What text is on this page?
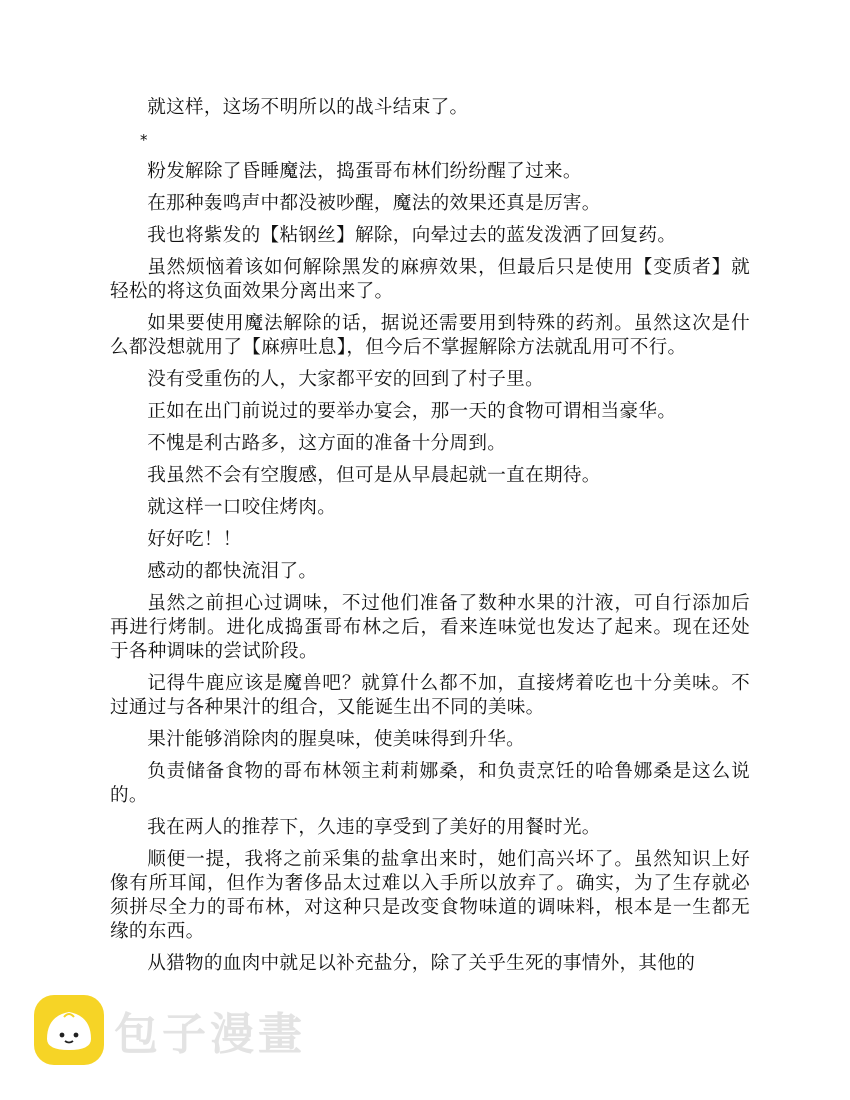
就这样，这场不明所以的战斗结束了。

*

粉发解除了昏睡魔法，捣蛋哥布林们纷纷醒了过来。

在那种轰鸣声中都没被吵醒，魔法的效果还真是厉害。

我也将紫发的【粘钢丝】解除，向晕过去的蓝发泼洒了回复药。

虽然烦恼着该如何解除黑发的麻痹效果，但最后只是使用【变质者】就轻松的将这负面效果分离出来了。

如果要使用魔法解除的话，据说还需要用到特殊的药剂。虽然这次是什么都没想就用了【麻痹吐息】，但今后不掌握解除方法就乱用可不行。

没有受重伤的人，大家都平安的回到了村子里。

正如在出门前说过的要举办宴会，那一天的食物可谓相当豪华。

不愧是利古路多，这方面的准备十分周到。

我虽然不会有空腹感，但可是从早晨起就一直在期待。

就这样一口咬住烤肉。

好好吃！！

感动的都快流泪了。

虽然之前担心过调味，不过他们准备了数种水果的汁液，可自行添加后再进行烤制。进化成捣蛋哥布林之后，看来连味觉也发达了起来。现在还处于各种调味的尝试阶段。

记得牛鹿应该是魔兽吧？就算什么都不加，直接烤着吃也十分美味。不过通过与各种果汁的组合，又能诞生出不同的美味。

果汁能够消除肉的腥臭味，使美味得到升华。

负责储备食物的哥布林领主莉莉娜桑，和负责烹饪的哈鲁娜桑是这么说的。

我在两人的推荐下，久违的享受到了美好的用餐时光。

顺便一提，我将之前采集的盐拿出来时，她们高兴坏了。虽然知识上好像有所耳闻，但作为奢侈品太过难以入手所以放弃了。确实，为了生存就必须拼尽全力的哥布林，对这种只是改变食物味道的调味料，根本是一生都无缘的东西。

从猎物的血肉中就足以补充盐分，除了关乎生死的事情外，其他的

包子漫畫
